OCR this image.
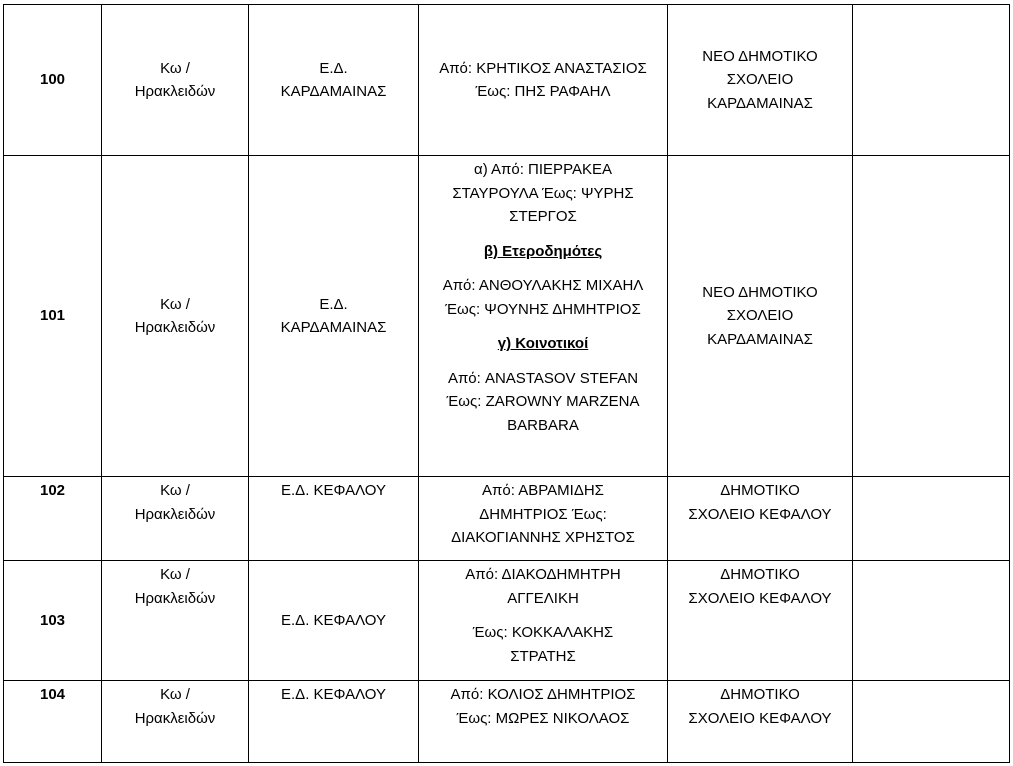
100	Κω / Ηρακλειδών	Ε.Δ. ΚΑΡΔΑΜΑΙΝΑΣ	Από: ΚΡΗΤΙΚΟΣ ΑΝΑΣΤΑΣΙΟΣ Έως: ΠΗΣ ΡΑΦΑΗΛ	ΝΕΟ ΔΗΜΟΤΙΚΟ ΣΧΟΛΕΙΟ ΚΑΡΔΑΜΑΙΝΑΣ	

101	Κω / Ηρακλειδών	Ε.Δ. ΚΑΡΔΑΜΑΙΝΑΣ	α) Από: ΠΙΕΡΡΑΚΕΑ ΣΤΑΥΡΟΥΛΑ Έως: ΨΥΡΗΣ ΣΤΕΡΓΟΣ
β) Ετεροδημότες
Από: ΑΝΘΟΥΛΑΚΗΣ ΜΙΧΑΗΛ Έως: ΨΟΥΝΗΣ ΔΗΜΗΤΡΙΟΣ
γ) Κοινοτικοί
Από: ANASTASOV STEFAN Έως: ZAROWNY MARZENA BARBARA	ΝΕΟ ΔΗΜΟΤΙΚΟ ΣΧΟΛΕΙΟ ΚΑΡΔΑΜΑΙΝΑΣ	

102	Κω / Ηρακλειδών	Ε.Δ. ΚΕΦΑΛΟΥ	Από: ΑΒΡΑΜΙΔΗΣ ΔΗΜΗΤΡΙΟΣ Έως: ΔΙΑΚΟΓΙΑΝΝΗΣ ΧΡΗΣΤΟΣ	ΔΗΜΟΤΙΚΟ ΣΧΟΛΕΙΟ ΚΕΦΑΛΟΥ	

103	Κω / Ηρακλειδών	Ε.Δ. ΚΕΦΑΛΟΥ	Από: ΔΙΑΚΟΔΗΜΗΤΡΗ ΑΓΓΕΛΙΚΗ
Έως: ΚΟΚΚΑΛΑΚΗΣ ΣΤΡΑΤΗΣ	ΔΗΜΟΤΙΚΟ ΣΧΟΛΕΙΟ ΚΕΦΑΛΟΥ	

104	Κω / Ηρακλειδών	Ε.Δ. ΚΕΦΑΛΟΥ	Από: ΚΟΛΙΟΣ ΔΗΜΗΤΡΙΟΣ Έως: ΜΩΡΕΣ ΝΙΚΟΛΑΟΣ	ΔΗΜΟΤΙΚΟ ΣΧΟΛΕΙΟ ΚΕΦΑΛΟΥ	
